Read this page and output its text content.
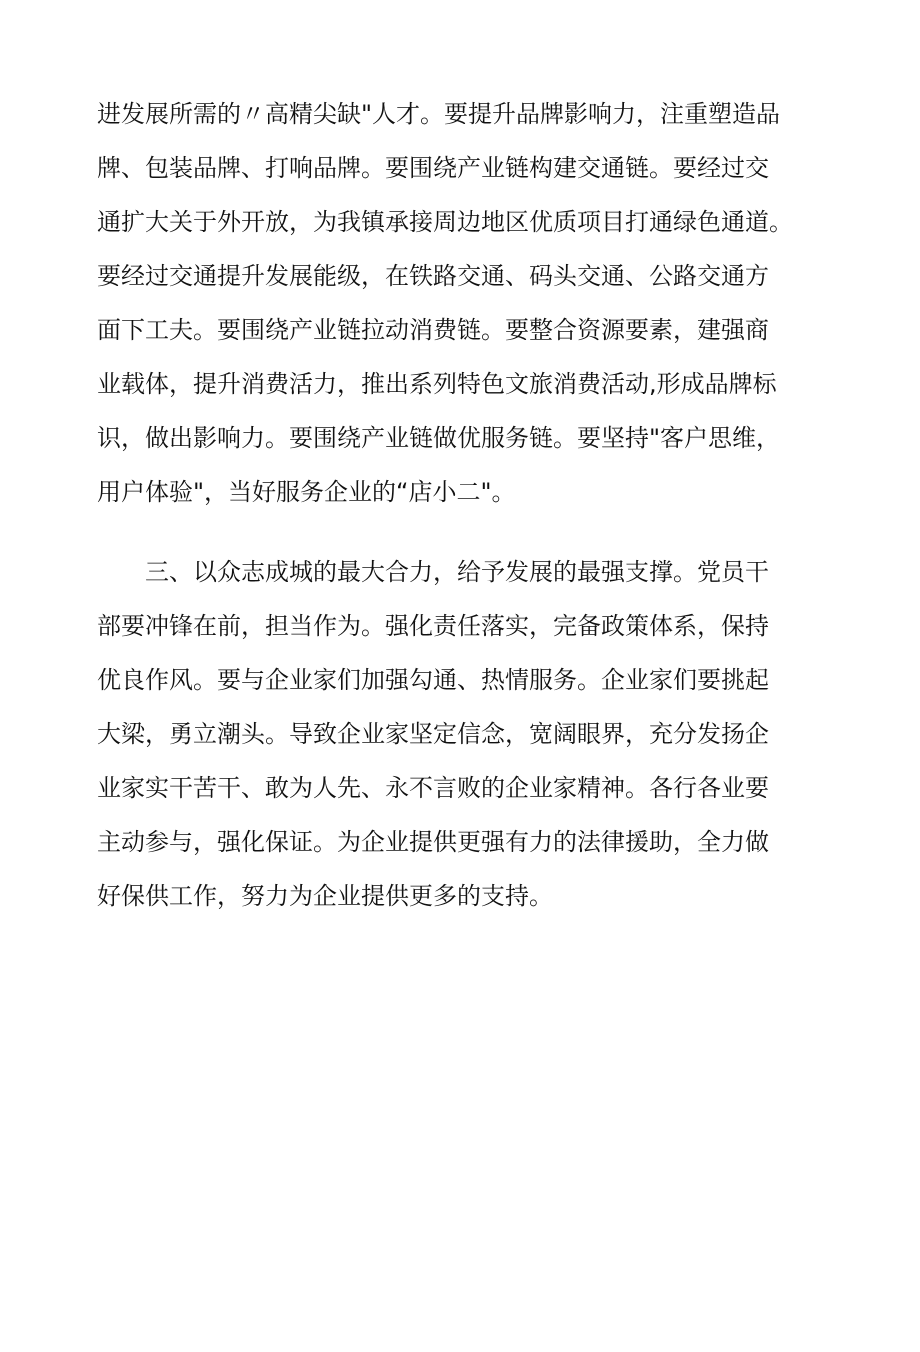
进发展所需的〃高精尖缺"人才。要提升品牌影响力，注重塑造品
牌、包装品牌、打响品牌。要围绕产业链构建交通链。要经过交
通扩大关于外开放，为我镇承接周边地区优质项目打通绿色通道。
要经过交通提升发展能级，在铁路交通、码头交通、公路交通方
面下工夫。要围绕产业链拉动消费链。要整合资源要素，建强商
业载体，提升消费活力，推出系列特色文旅消费活动,形成品牌标
识，做出影响力。要围绕产业链做优服务链。要坚持"客户思维，
用户体验"，当好服务企业的“店小二"。

　　三、以众志成城的最大合力，给予发展的最强支撑。党员干
部要冲锋在前，担当作为。强化责任落实，完备政策体系，保持
优良作风。要与企业家们加强勾通、热情服务。企业家们要挑起
大梁，勇立潮头。导致企业家坚定信念，宽阔眼界，充分发扬企
业家实干苦干、敢为人先、永不言败的企业家精神。各行各业要
主动参与，强化保证。为企业提供更强有力的法律援助，全力做
好保供工作，努力为企业提供更多的支持。
